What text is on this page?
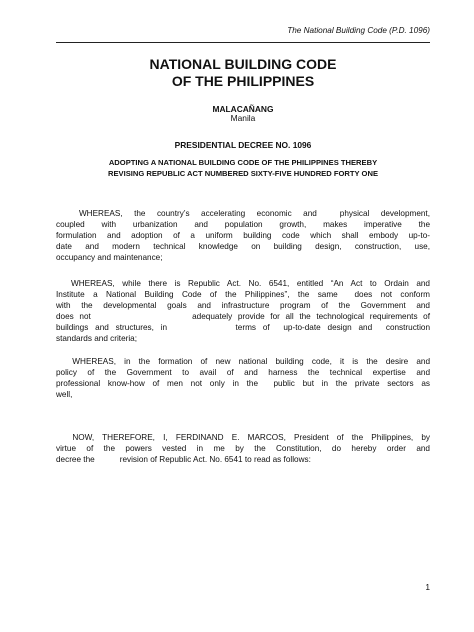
The National Building Code (P.D. 1096)
NATIONAL BUILDING CODE
OF THE PHILIPPINES
MALACAÑANG
Manila
PRESIDENTIAL DECREE NO. 1096
ADOPTING A NATIONAL BUILDING CODE OF THE PHILIPPINES THEREBY
REVISING REPUBLIC ACT NUMBERED SIXTY-FIVE HUNDRED FORTY ONE
WHEREAS, the country’s accelerating economic and  physical development,
coupled with urbanization and population growth, makes imperative the
formulation and adoption of a uniform building code which shall embody up-to-
date and modern technical knowledge on building design, construction, use,
occupancy and maintenance;
WHEREAS, while there is Republic Act. No. 6541, entitled “An Act to Ordain and
Institute a National Building Code of the Philippines”, the same  does not conform
with the developmental goals and infrastructure program of the Government and
does not                  adequately provide for all the technological requirements of
buildings and structures, in          terms of  up-to-date design and  construction
standards and criteria;
WHEREAS, in the formation of new national building code, it is the desire and
policy of the Government to avail of and harness the technical expertise and
professional know-how of men not only in the  public but in the private sectors as
well,
NOW, THEREFORE, I, FERDINAND E. MARCOS, President of the Philippines, by
virtue of the powers vested in me by the Constitution, do hereby order and
decree the           revision of Republic Act. No. 6541 to read as follows:
1
